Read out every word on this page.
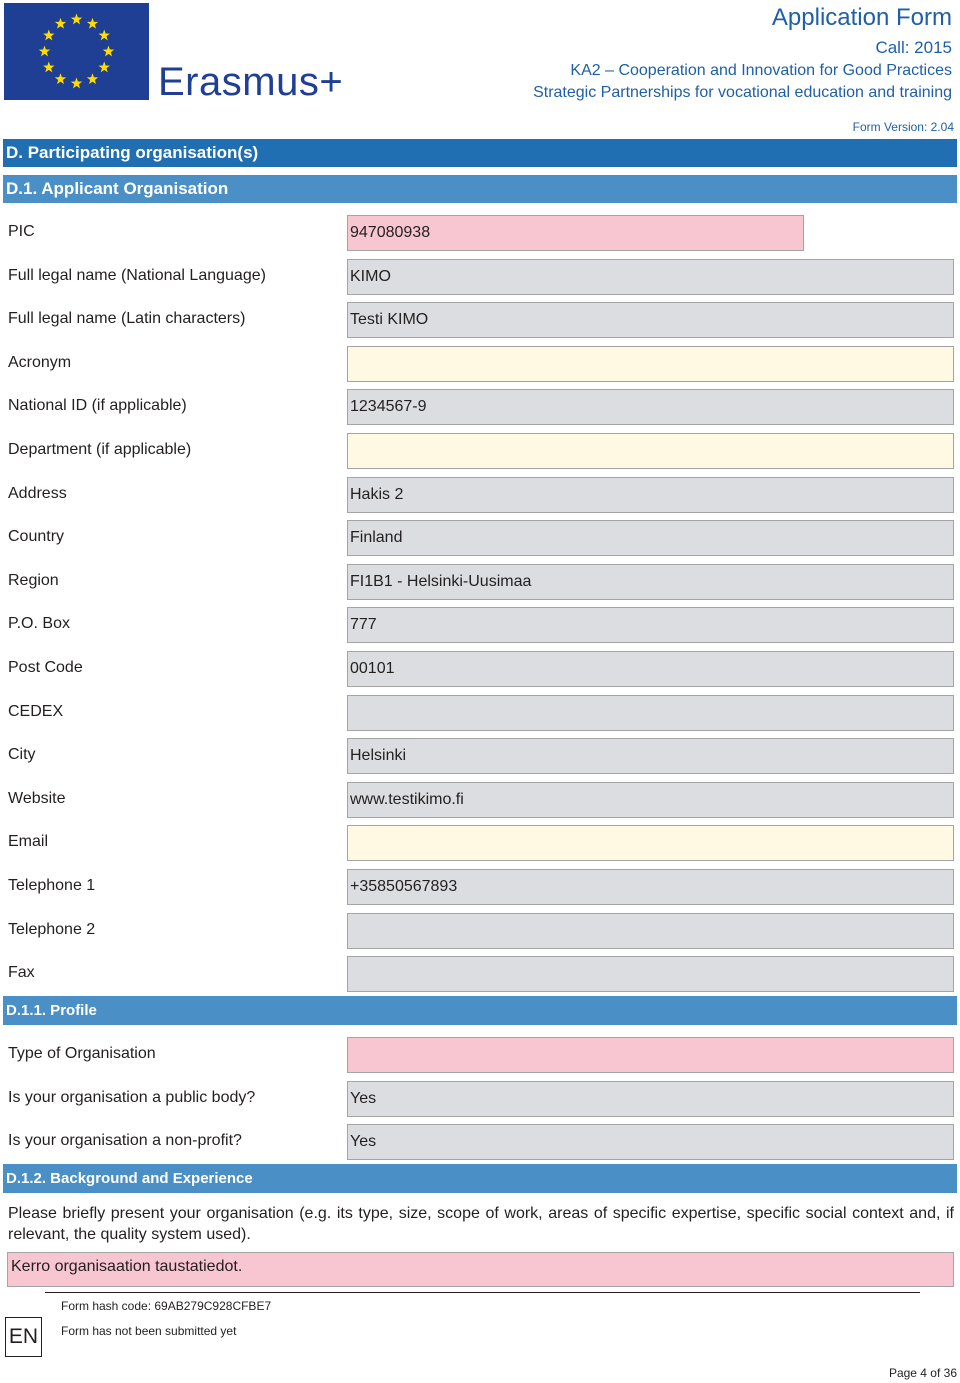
Erasmus+
Application Form
Call: 2015
KA2 – Cooperation and Innovation for Good Practices
Strategic Partnerships for vocational education and training
Form Version: 2.04
D. Participating organisation(s)
D.1. Applicant Organisation
PIC	947080938
Full legal name (National Language)	KIMO
Full legal name (Latin characters)	Testi KIMO
Acronym
National ID (if applicable)	1234567-9
Department (if applicable)
Address	Hakis 2
Country	Finland
Region	FI1B1 - Helsinki-Uusimaa
P.O. Box	777
Post Code	00101
CEDEX
City	Helsinki
Website	www.testikimo.fi
Email
Telephone 1	+35850567893
Telephone 2
Fax
D.1.1. Profile
Type of Organisation
Is your organisation a public body?	Yes
Is your organisation a non-profit?	Yes
D.1.2. Background and Experience
Please briefly present your organisation (e.g. its type, size, scope of work, areas of specific expertise, specific social context and, if relevant, the quality system used).
Kerro organisaation taustatiedot.
EN
Form hash code: 69AB279C928CFBE7
Form has not been submitted yet
Page 4 of 36
